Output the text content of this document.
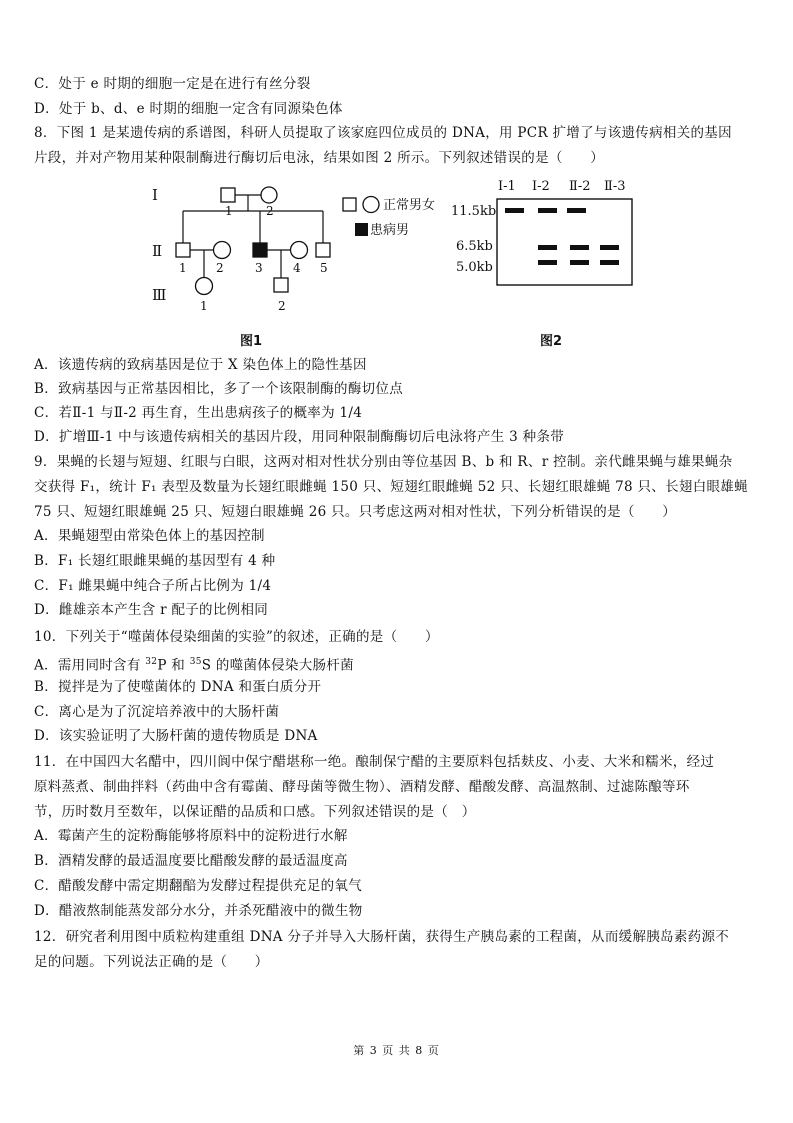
C．处于 e 时期的细胞一定是在进行有丝分裂
D．处于 b、d、e 时期的细胞一定含有同源染色体
8．下图 1 是某遗传病的系谱图，科研人员提取了该家庭四位成员的 DNA，用 PCR 扩增了与该遗传病相关的基因
片段，并对产物用某种限制酶进行酶切后电泳，结果如图 2 所示。下列叙述错误的是（　　）
Ⅰ
1	2
Ⅱ
1 2	3	4 5
Ⅲ
1	2
正常男女
患病男
Ⅰ-1 Ⅰ-2 Ⅱ-2 Ⅱ-3
11.5kb
6.5kb
5.0kb
图1	图2
A．该遗传病的致病基因是位于 X 染色体上的隐性基因
B．致病基因与正常基因相比，多了一个该限制酶的酶切位点
C．若Ⅱ-1 与Ⅱ-2 再生育，生出患病孩子的概率为 1/4
D．扩增Ⅲ-1 中与该遗传病相关的基因片段，用同种限制酶酶切后电泳将产生 3 种条带
9．果蝇的长翅与短翅、红眼与白眼，这两对相对性状分别由等位基因 B、b 和 R、r 控制。亲代雌果蝇与雄果蝇杂
交获得 F₁，统计 F₁ 表型及数量为长翅红眼雌蝇 150 只、短翅红眼雌蝇 52 只、长翅红眼雄蝇 78 只、长翅白眼雄蝇
75 只、短翅红眼雄蝇 25 只、短翅白眼雄蝇 26 只。只考虑这两对相对性状，下列分析错误的是（　　）
A．果蝇翅型由常染色体上的基因控制
B．F₁ 长翅红眼雌果蝇的基因型有 4 种
C．F₁ 雌果蝇中纯合子所占比例为 1/4
D．雌雄亲本产生含 r 配子的比例相同
10．下列关于“噬菌体侵染细菌的实验”的叙述，正确的是（　　）
A．需用同时含有 $^{32}$P 和 $^{35}$S 的噬菌体侵染大肠杆菌
B．搅拌是为了使噬菌体的 DNA 和蛋白质分开
C．离心是为了沉淀培养液中的大肠杆菌
D．该实验证明了大肠杆菌的遗传物质是 DNA
11．在中国四大名醋中，四川阆中保宁醋堪称一绝。酿制保宁醋的主要原料包括麸皮、小麦、大米和糯米，经过
原料蒸煮、制曲拌料（药曲中含有霉菌、酵母菌等微生物）、酒精发酵、醋酸发酵、高温熬制、过滤陈酿等环
节，历时数月至数年，以保证醋的品质和口感。下列叙述错误的是（　）
A．霉菌产生的淀粉酶能够将原料中的淀粉进行水解
B．酒精发酵的最适温度要比醋酸发酵的最适温度高
C．醋酸发酵中需定期翻醅为发酵过程提供充足的氧气
D．醋液熬制能蒸发部分水分，并杀死醋液中的微生物
12．研究者利用图中质粒构建重组 DNA 分子并导入大肠杆菌，获得生产胰岛素的工程菌，从而缓解胰岛素药源不
足的问题。下列说法正确的是（　　）
第 3 页 共 8 页
